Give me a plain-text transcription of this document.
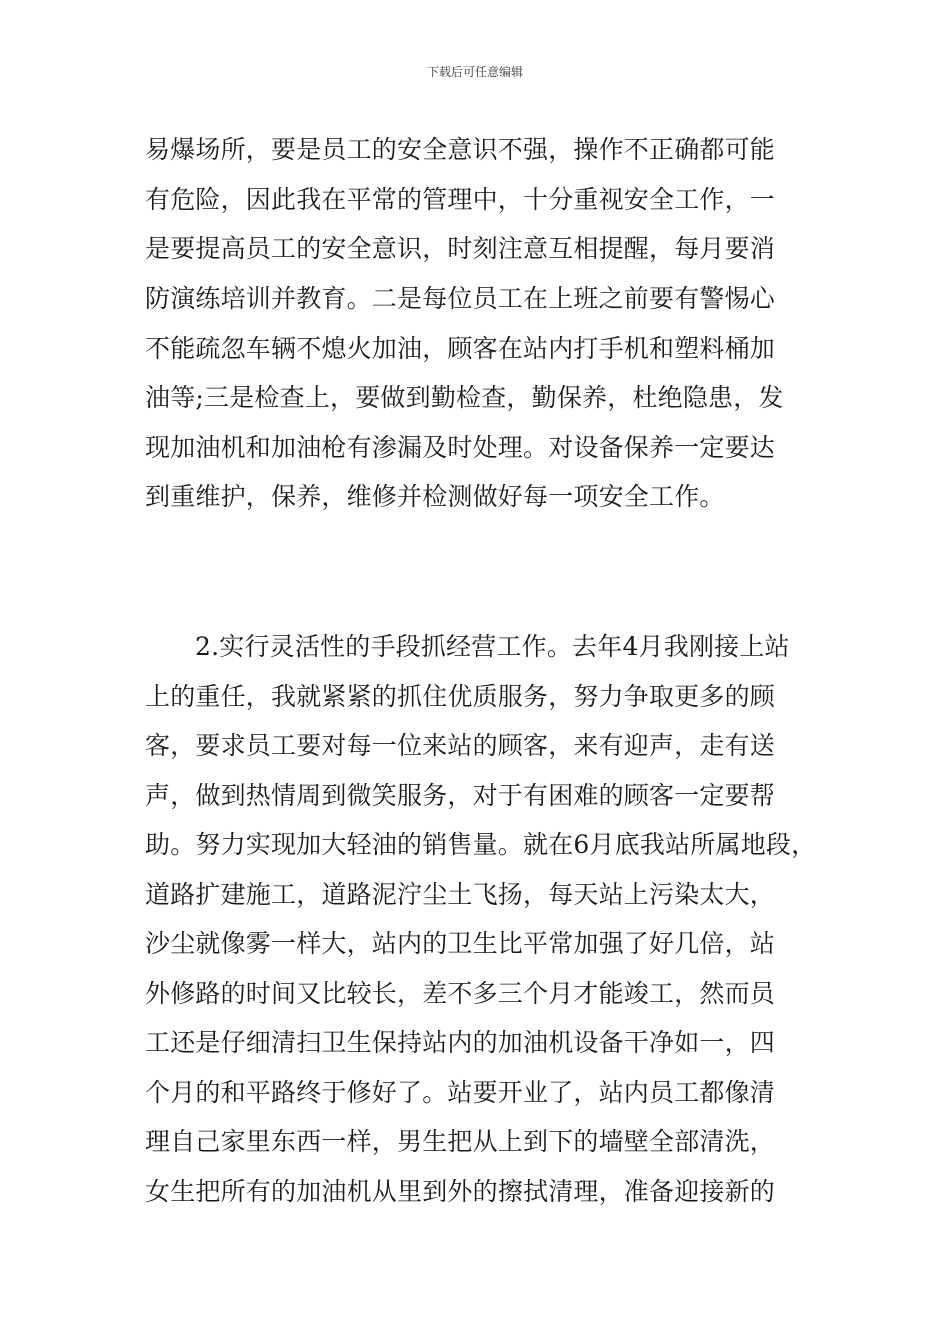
下载后可任意编辑
易爆场所，要是员工的安全意识不强，操作不正确都可能
有危险，因此我在平常的管理中，十分重视安全工作，一
是要提高员工的安全意识，时刻注意互相提醒，每月要消
防演练培训并教育。二是每位员工在上班之前要有警惕心
不能疏忽车辆不熄火加油，顾客在站内打手机和塑料桶加
油等;三是检查上，要做到勤检查，勤保养，杜绝隐患，发
现加油机和加油枪有渗漏及时处理。对设备保养一定要达
到重维护，保养，维修并检测做好每一项安全工作。
2.实行灵活性的手段抓经营工作。去年4月我刚接上站
上的重任，我就紧紧的抓住优质服务，努力争取更多的顾
客，要求员工要对每一位来站的顾客，来有迎声，走有送
声，做到热情周到微笑服务，对于有困难的顾客一定要帮
助。努力实现加大轻油的销售量。就在6月底我站所属地段，
道路扩建施工，道路泥泞尘土飞扬，每天站上污染太大，
沙尘就像雾一样大，站内的卫生比平常加强了好几倍，站
外修路的时间又比较长，差不多三个月才能竣工，然而员
工还是仔细清扫卫生保持站内的加油机设备干净如一，四
个月的和平路终于修好了。站要开业了，站内员工都像清
理自己家里东西一样，男生把从上到下的墙壁全部清洗，
女生把所有的加油机从里到外的擦拭清理，准备迎接新的
